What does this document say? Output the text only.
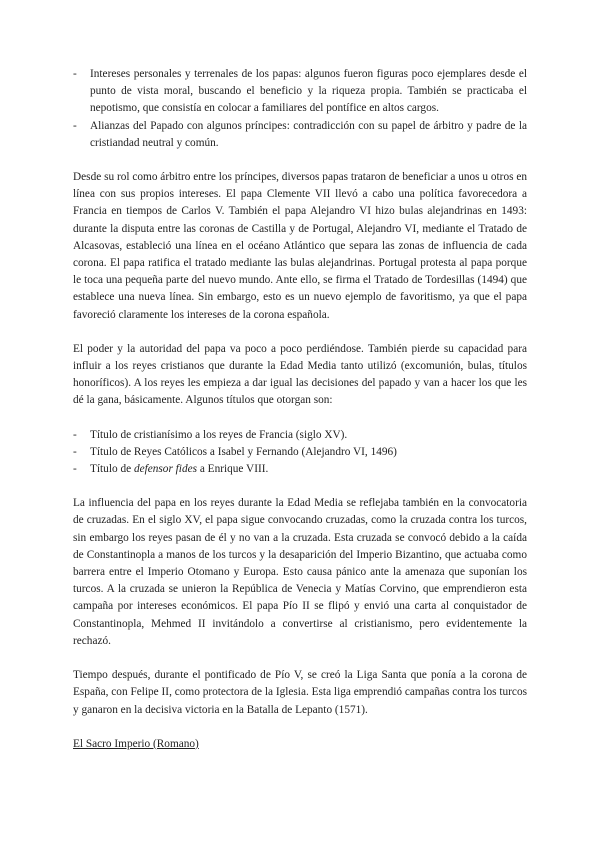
- Intereses personales y terrenales de los papas: algunos fueron figuras poco ejemplares desde el punto de vista moral, buscando el beneficio y la riqueza propia. También se practicaba el nepotismo, que consistía en colocar a familiares del pontífice en altos cargos.
- Alianzas del Papado con algunos príncipes: contradicción con su papel de árbitro y padre de la cristiandad neutral y común.

Desde su rol como árbitro entre los príncipes, diversos papas trataron de beneficiar a unos u otros en línea con sus propios intereses. El papa Clemente VII llevó a cabo una política favorecedora a Francia en tiempos de Carlos V. También el papa Alejandro VI hizo bulas alejandrinas en 1493: durante la disputa entre las coronas de Castilla y de Portugal, Alejandro VI, mediante el Tratado de Alcasovas, estableció una línea en el océano Atlántico que separa las zonas de influencia de cada corona. El papa ratifica el tratado mediante las bulas alejandrinas. Portugal protesta al papa porque le toca una pequeña parte del nuevo mundo. Ante ello, se firma el Tratado de Tordesillas (1494) que establece una nueva línea. Sin embargo, esto es un nuevo ejemplo de favoritismo, ya que el papa favoreció claramente los intereses de la corona española.

El poder y la autoridad del papa va poco a poco perdiéndose. También pierde su capacidad para influir a los reyes cristianos que durante la Edad Media tanto utilizó (excomunión, bulas, títulos honoríficos). A los reyes les empieza a dar igual las decisiones del papado y van a hacer los que les dé la gana, básicamente. Algunos títulos que otorgan son:

- Título de cristianísimo a los reyes de Francia (siglo XV).
- Título de Reyes Católicos a Isabel y Fernando (Alejandro VI, 1496)
- Título de defensor fides a Enrique VIII.

La influencia del papa en los reyes durante la Edad Media se reflejaba también en la convocatoria de cruzadas. En el siglo XV, el papa sigue convocando cruzadas, como la cruzada contra los turcos, sin embargo los reyes pasan de él y no van a la cruzada. Esta cruzada se convocó debido a la caída de Constantinopla a manos de los turcos y la desaparición del Imperio Bizantino, que actuaba como barrera entre el Imperio Otomano y Europa. Esto causa pánico ante la amenaza que suponían los turcos. A la cruzada se unieron la República de Venecia y Matías Corvino, que emprendieron esta campaña por intereses económicos. El papa Pío II se flipó y envió una carta al conquistador de Constantinopla, Mehmed II invitándolo a convertirse al cristianismo, pero evidentemente la rechazó.

Tiempo después, durante el pontificado de Pío V, se creó la Liga Santa que ponía a la corona de España, con Felipe II, como protectora de la Iglesia. Esta liga emprendió campañas contra los turcos y ganaron en la decisiva victoria en la Batalla de Lepanto (1571).

El Sacro Imperio (Romano)
